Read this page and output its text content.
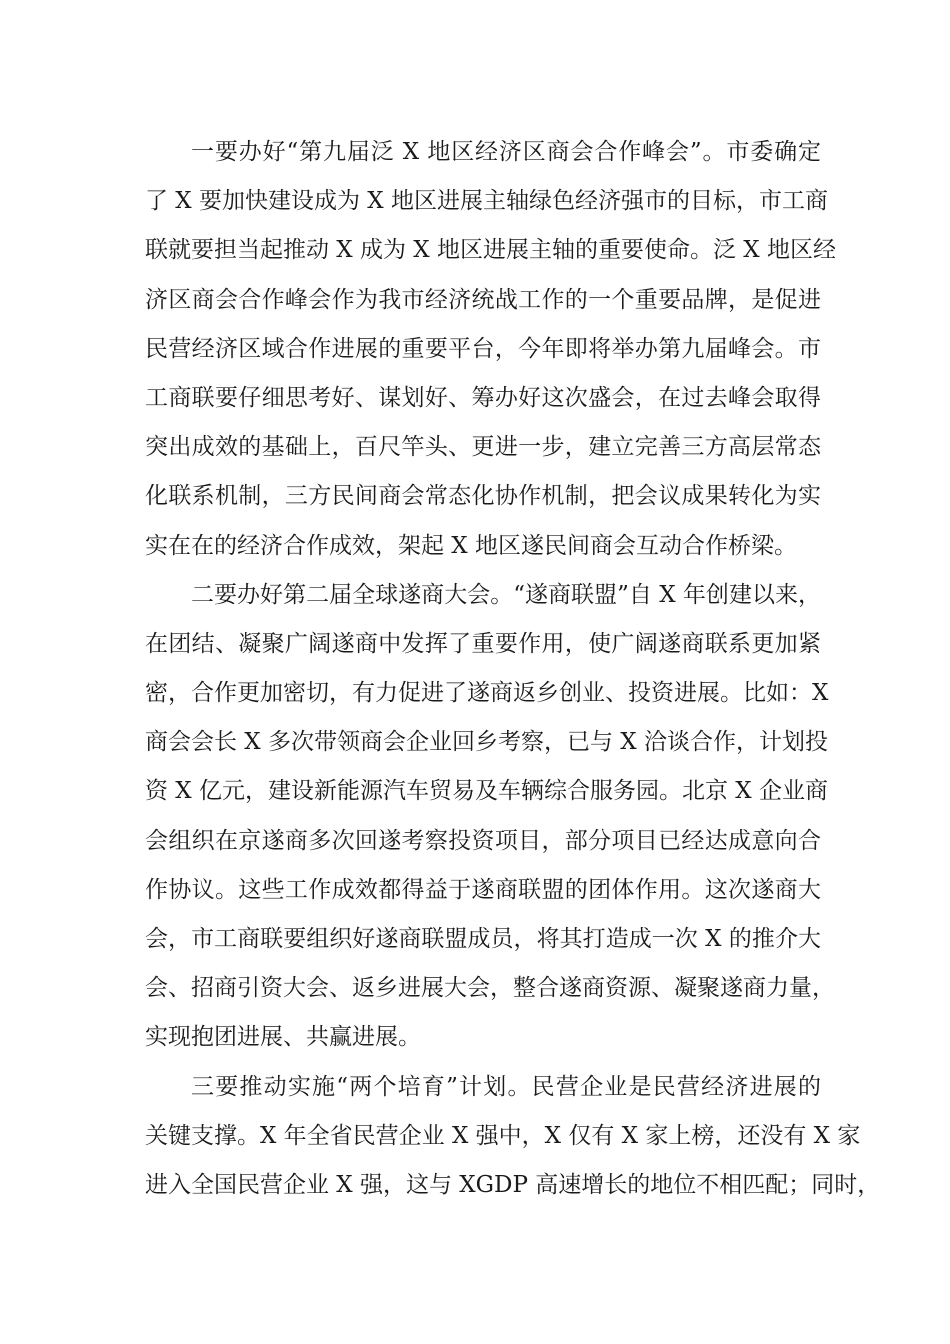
一要办好“第九届泛 X 地区经济区商会合作峰会”。市委确定
了 X 要加快建设成为 X 地区进展主轴绿色经济强市的目标，市工商
联就要担当起推动 X 成为 X 地区进展主轴的重要使命。泛 X 地区经
济区商会合作峰会作为我市经济统战工作的一个重要品牌，是促进
民营经济区域合作进展的重要平台，今年即将举办第九届峰会。市
工商联要仔细思考好、谋划好、筹办好这次盛会，在过去峰会取得
突出成效的基础上，百尺竿头、更进一步，建立完善三方高层常态
化联系机制，三方民间商会常态化协作机制，把会议成果转化为实
实在在的经济合作成效，架起 X 地区遂民间商会互动合作桥梁。
二要办好第二届全球遂商大会。“遂商联盟”自 X 年创建以来，
在团结、凝聚广阔遂商中发挥了重要作用，使广阔遂商联系更加紧
密，合作更加密切，有力促进了遂商返乡创业、投资进展。比如：X
商会会长 X 多次带领商会企业回乡考察，已与 X 洽谈合作，计划投
资 X 亿元，建设新能源汽车贸易及车辆综合服务园。北京 X 企业商
会组织在京遂商多次回遂考察投资项目，部分项目已经达成意向合
作协议。这些工作成效都得益于遂商联盟的团体作用。这次遂商大
会，市工商联要组织好遂商联盟成员，将其打造成一次 X 的推介大
会、招商引资大会、返乡进展大会，整合遂商资源、凝聚遂商力量，
实现抱团进展、共赢进展。
三要推动实施“两个培育”计划。民营企业是民营经济进展的
关键支撑。X 年全省民营企业 X 强中，X 仅有 X 家上榜，还没有 X 家
进入全国民营企业 X 强，这与 XGDP 高速增长的地位不相匹配；同时，
